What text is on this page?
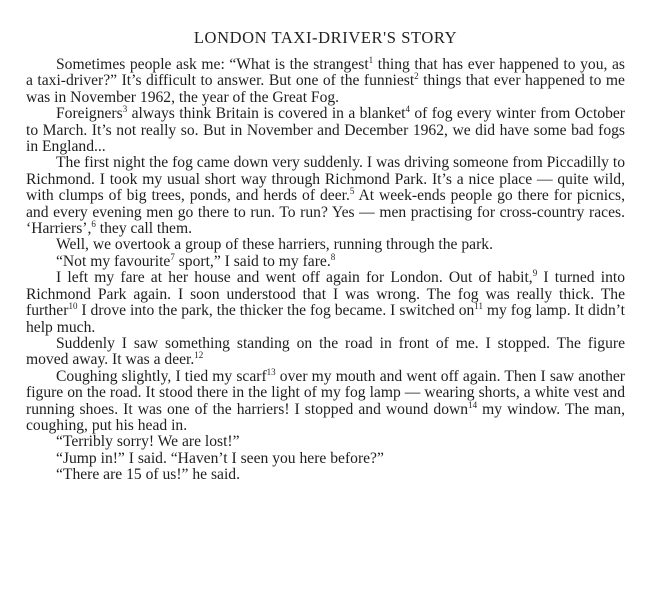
LONDON TAXI-DRIVER'S STORY

Sometimes people ask me: “What is the strangest$^1$ thing that has ever happened to you, as a taxi-driver?” It’s difficult to answer. But one of the funniest$^2$ things that ever happened to me was in November 1962, the year of the Great Fog.

Foreigners$^3$ always think Britain is covered in a blanket$^4$ of fog every winter from October to March. It’s not really so. But in November and December 1962, we did have some bad fogs in England...

The first night the fog came down very suddenly. I was driving someone from Piccadilly to Richmond. I took my usual short way through Richmond Park. It’s a nice place — quite wild, with clumps of big trees, ponds, and herds of deer.$^5$ At week-ends people go there for picnics, and every evening men go there to run. To run? Yes — men practising for cross-country races. ‘Harriers’,$^6$ they call them.

Well, we overtook a group of these harriers, running through the park.

“Not my favourite$^7$ sport,” I said to my fare.$^8$

I left my fare at her house and went off again for London. Out of habit,$^9$ I turned into Richmond Park again. I soon understood that I was wrong. The fog was really thick. The further$^{10}$ I drove into the park, the thicker the fog became. I switched $on^{11}$ my fog lamp. It didn’t help much.

Suddenly I saw something standing on the road in front of me. I stopped. The figure moved away. It was a deer.$^{12}$

Coughing slightly, I tied my scarf$^{13}$ over my mouth and went off again. Then I saw another figure on the road. It stood there in the light of my fog lamp — wearing shorts, a white vest and running shoes. It was one of the harriers! I stopped and wound down$^{14}$ my window. The man, coughing, put his head in.

“Terribly sorry! We are lost!”

“Jump in!” I said. “Haven’t I seen you here before?”

“There are 15 of us!” he said.
